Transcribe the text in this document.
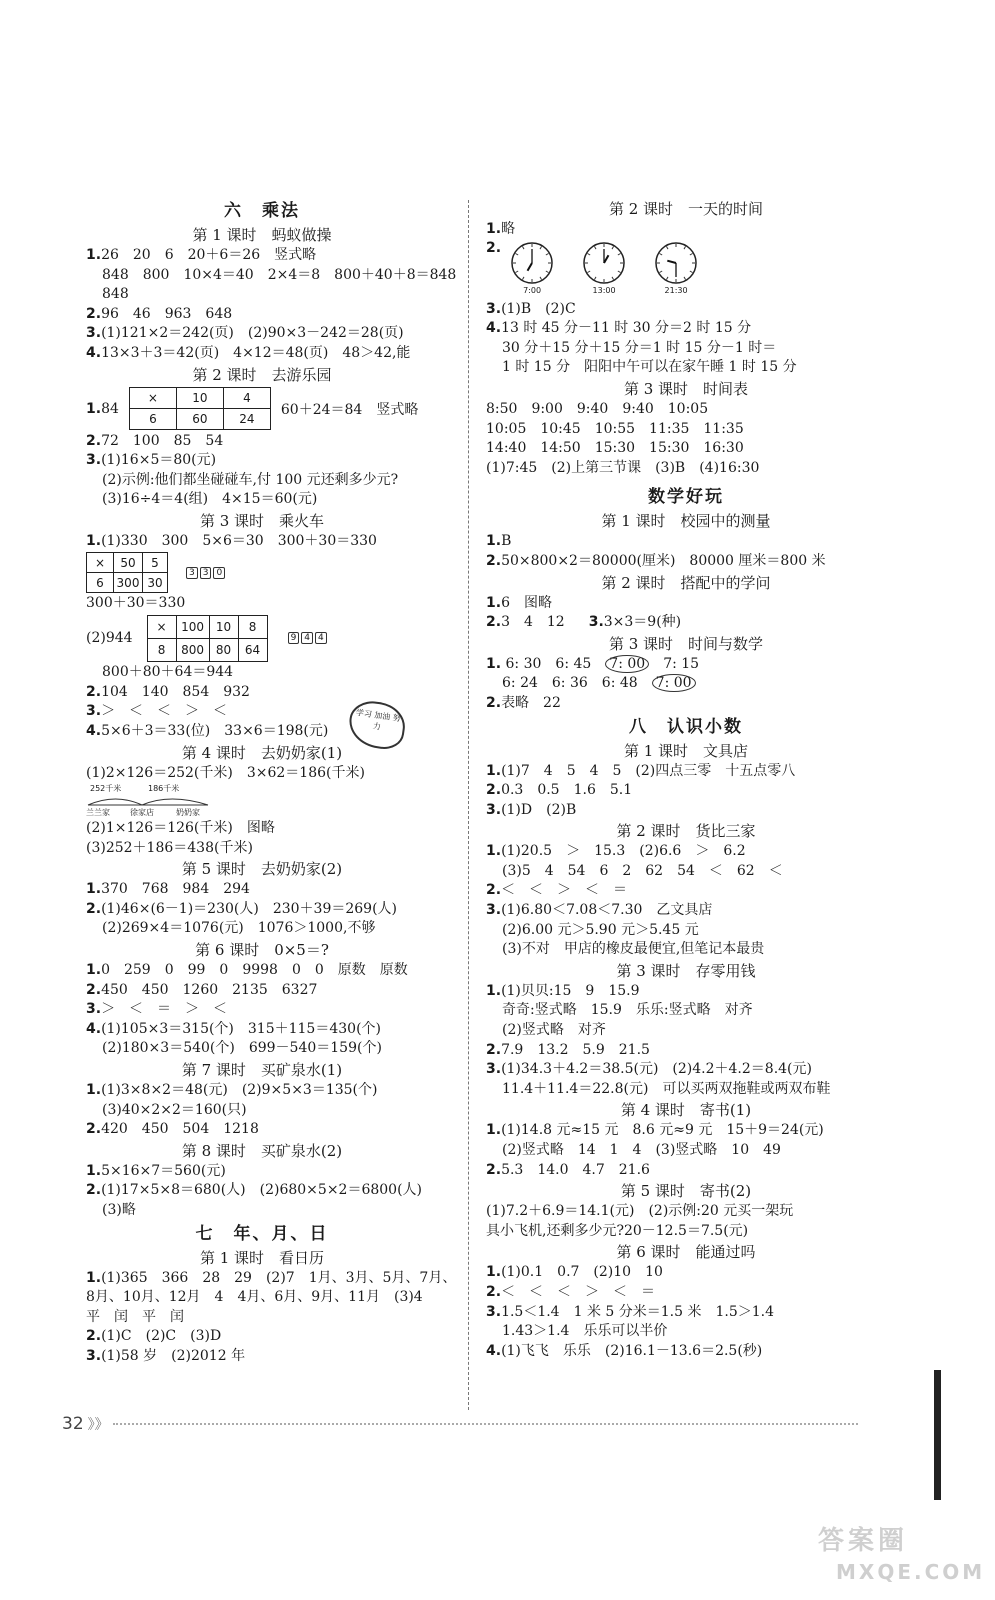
六　乘法
第 1 课时　蚂蚁做操
1.26　20　6　20＋6＝26　竖式略
848　800　10×4＝40　2×4＝8　800＋40＋8＝848
848
2.96　46　963　648
3.(1)121×2＝242(页)　(2)90×3－242＝28(页)
4.13×3＋3＝42(页)　4×12＝48(页)　48＞42,能
第 2 课时　去游乐园
1. 84
×	10	4
6	60	24
60＋24＝84　竖式略
2.72　100　85　54
3.(1)16×5＝80(元)
(2)示例:他们都坐碰碰车,付 100 元还剩多少元?
(3)16÷4＝4(组)　4×15＝60(元)
第 3 课时　乘火车
1.(1)330　300　5×6＝30　300＋30＝330
×	50	5
6	300	30
3 3 0
300＋30＝330
(2)944
×	100	10	8
8	800	80	64
9 4 4
800＋80＋64＝944
2.104　140　854　932
3.＞　＜　＜　＞　＜
4.5×6＋3＝33(位)　33×6＝198(元)
第 4 课时　去奶奶家(1)
(1)2×126＝252(千米)　3×62＝186(千米)
252千米	186千米
兰兰家	徐家店	奶奶家
(2)1×126＝126(千米)　图略
(3)252＋186＝438(千米)
第 5 课时　去奶奶家(2)
1.370　768　984　294
2.(1)46×(6－1)＝230(人)　230＋39＝269(人)
(2)269×4＝1076(元)　1076＞1000,不够
第 6 课时　0×5＝?
1.0　259　0　99　0　9998　0　0　原数　原数
2.450　450　1260　2135　6327
3.＞　＜　＝　＞　＜
4.(1)105×3＝315(个)　315＋115＝430(个)
(2)180×3＝540(个)　699－540＝159(个)
第 7 课时　买矿泉水(1)
1.(1)3×8×2＝48(元)　(2)9×5×3＝135(个)
(3)40×2×2＝160(只)
2.420　450　504　1218
第 8 课时　买矿泉水(2)
1.5×16×7＝560(元)
2.(1)17×5×8＝680(人)　(2)680×5×2＝6800(人)
(3)略
七　年、月、日
第 1 课时　看日历
1.(1)365　366　28　29　(2)7　1月、3月、5月、7月、
8月、10月、12月　4　4月、6月、9月、11月　(3)4
平　闰　平　闰
2.(1)C　(2)C　(3)D
3.(1)58 岁　(2)2012 年
学习 加油 努力
第 2 课时　一天的时间
1.略
2.
7:00	13:00	21:30
3.(1)B　(2)C
4.13 时 45 分－11 时 30 分＝2 时 15 分
30 分＋15 分＋15 分＝1 时 15 分－1 时＝
1 时 15 分　阳阳中午可以在家午睡 1 时 15 分
第 3 课时　时间表
8:50　9:00　9:40　9:40　10:05
10:05　10:45　10:55　11:35　11:35
14:40　14:50　15:30　15:30　16:30
(1)7:45　(2)上第三节课　(3)B　(4)16:30
数学好玩
第 1 课时　校园中的测量
1.B
2.50×800×2＝80000(厘米)　80000 厘米＝800 米
第 2 课时　搭配中的学问
1.6　图略
2.3　4　12 3.3×3＝9(种)
第 3 课时　时间与数学
1. 6: 30　 6: 45　 7: 00　 7: 15
6: 24　 6: 36　 6: 48　 7: 00
2.表略　22
八　认识小数
第 1 课时　文具店
1.(1)7　4　5　4　5　(2)四点三零　十五点零八
2.0.3　0.5　1.6　5.1
3.(1)D　(2)B
第 2 课时　货比三家
1.(1)20.5　＞　15.3　(2)6.6　＞　6.2
(3)5　4　54　6　2　62　54　＜　62　＜
2.＜　＜　＞　＜　＝
3.(1)6.80＜7.08＜7.30　乙文具店
(2)6.00 元＞5.90 元＞5.45 元
(3)不对　甲店的橡皮最便宜,但笔记本最贵
第 3 课时　存零用钱
1.(1)贝贝:15　9　15.9
奇奇:竖式略　15.9　乐乐:竖式略　对齐
(2)竖式略　对齐
2.7.9　13.2　5.9　21.5
3.(1)34.3＋4.2＝38.5(元)　(2)4.2＋4.2＝8.4(元)
11.4＋11.4＝22.8(元)　可以买两双拖鞋或两双布鞋
第 4 课时　寄书(1)
1.(1)14.8 元≈15 元　8.6 元≈9 元　15＋9＝24(元)
(2)竖式略　14　1　4　(3)竖式略　10　49
2.5.3　14.0　4.7　21.6
第 5 课时　寄书(2)
(1)7.2＋6.9＝14.1(元)　(2)示例:20 元买一架玩
具小飞机,还剩多少元?20－12.5＝7.5(元)
第 6 课时　能通过吗
1.(1)0.1　0.7　(2)10　10
2.＜　＜　＜　＞　＜　＝
3.1.5＜1.4　1 米 5 分米＝1.5 米　1.5＞1.4
1.43＞1.4　乐乐可以半价
4.(1)飞飞　乐乐　(2)16.1－13.6＝2.5(秒)
32 》》
答案圈
MXQE.COM
